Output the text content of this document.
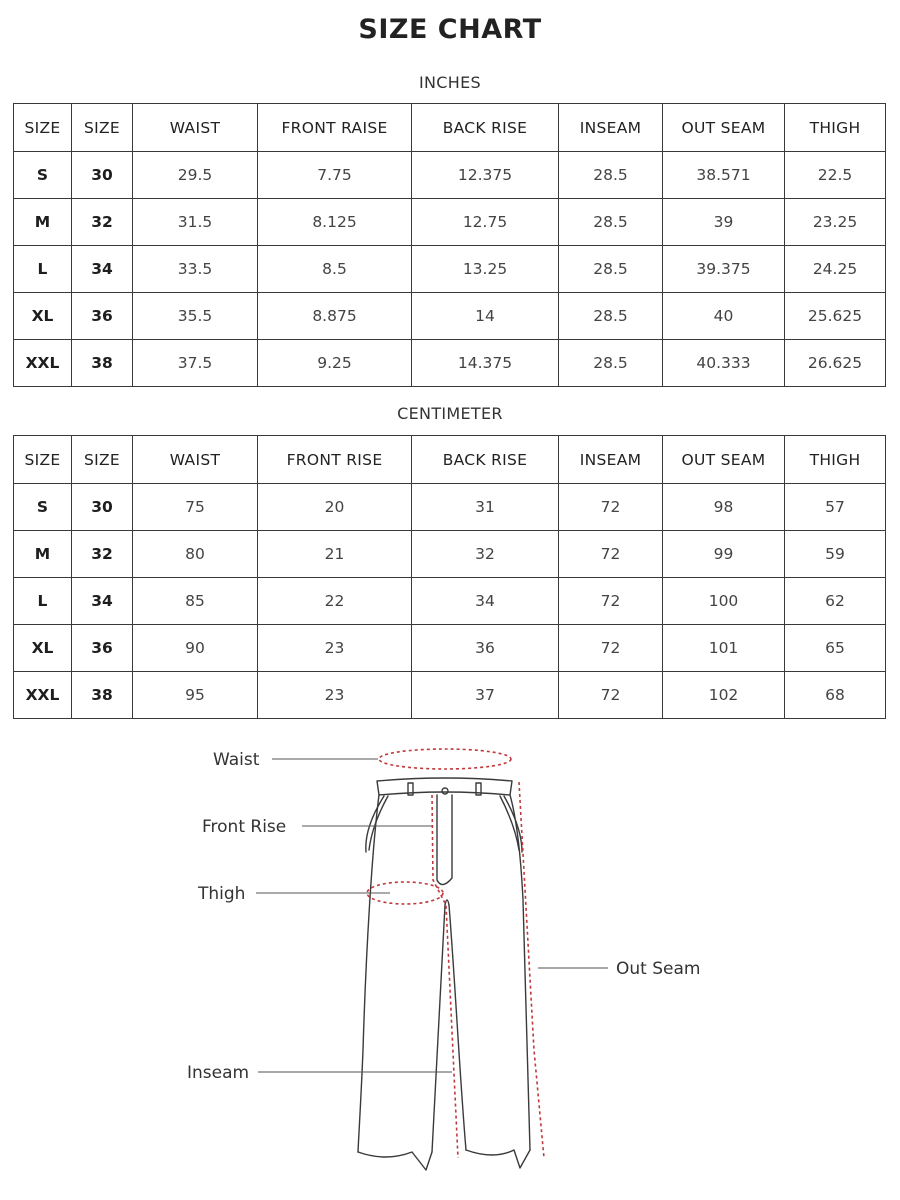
SIZE CHART
INCHES
SIZE	SIZE	WAIST	FRONT RAISE	BACK RISE	INSEAM	OUT SEAM	THIGH
S	30	29.5	7.75	12.375	28.5	38.571	22.5
M	32	31.5	8.125	12.75	28.5	39	23.25
L	34	33.5	8.5	13.25	28.5	39.375	24.25
XL	36	35.5	8.875	14	28.5	40	25.625
XXL	38	37.5	9.25	14.375	28.5	40.333	26.625
CENTIMETER
SIZE	SIZE	WAIST	FRONT RISE	BACK RISE	INSEAM	OUT SEAM	THIGH
S	30	75	20	31	72	98	57
M	32	80	21	32	72	99	59
L	34	85	22	34	72	100	62
XL	36	90	23	36	72	101	65
XXL	38	95	23	37	72	102	68
Waist
Front Rise
Thigh
Out Seam
Inseam
